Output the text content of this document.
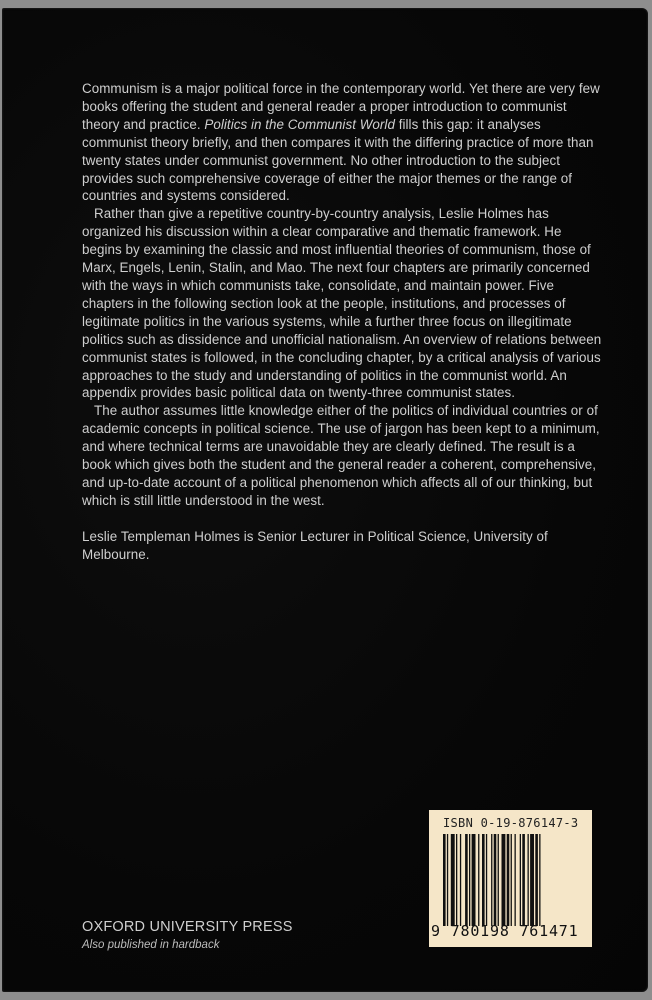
Communism is a major political force in the contemporary world. Yet there are very few books offering the student and general reader a proper introduction to communist theory and practice. Politics in the Communist World fills this gap: it analyses communist theory briefly, and then compares it with the differing practice of more than twenty states under communist government. No other introduction to the subject provides such comprehensive coverage of either the major themes or the range of countries and systems considered.

Rather than give a repetitive country-by-country analysis, Leslie Holmes has organized his discussion within a clear comparative and thematic framework. He begins by examining the classic and most influential theories of communism, those of Marx, Engels, Lenin, Stalin, and Mao. The next four chapters are primarily concerned with the ways in which communists take, consolidate, and maintain power. Five chapters in the following section look at the people, institutions, and processes of legitimate politics in the various systems, while a further three focus on illegitimate politics such as dissidence and unofficial nationalism. An overview of relations between communist states is followed, in the concluding chapter, by a critical analysis of various approaches to the study and understanding of politics in the communist world. An appendix provides basic political data on twenty-three communist states.

The author assumes little knowledge either of the politics of individual countries or of academic concepts in political science. The use of jargon has been kept to a minimum, and where technical terms are unavoidable they are clearly defined. The result is a book which gives both the student and the general reader a coherent, comprehensive, and up-to-date account of a political phenomenon which affects all of our thinking, but which is still little understood in the west.

Leslie Templeman Holmes is Senior Lecturer in Political Science, University of Melbourne.

ISBN 0-19-876147-3
9 780198 761471
OXFORD UNIVERSITY PRESS
Also published in hardback
